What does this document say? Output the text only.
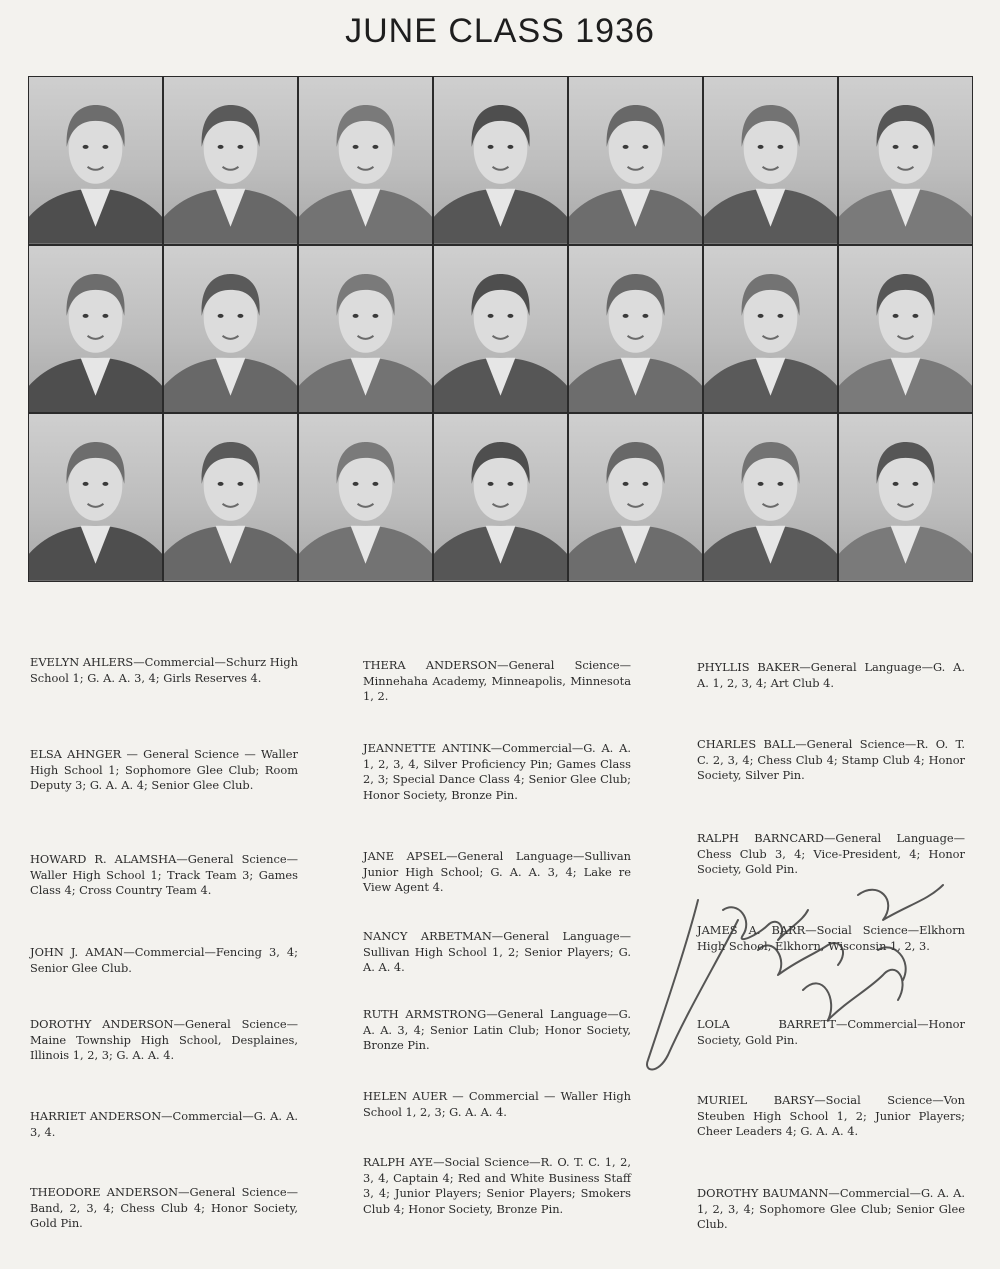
JUNE CLASS 1936

EVELYN AHLERS—Commercial—Schurz High School 1; G. A. A. 3, 4; Girls Reserves 4.

ELSA AHNGER — General Science — Waller High School 1; Sophomore Glee Club; Room Deputy 3; G. A. A. 4; Senior Glee Club.

HOWARD R. ALAMSHA—General Science—Waller High School 1; Track Team 3; Games Class 4; Cross Country Team 4.

JOHN J. AMAN—Commercial—Fencing 3, 4; Senior Glee Club.

DOROTHY ANDERSON—General Science—Maine Township High School, Desplaines, Illinois 1, 2, 3; G. A. A. 4.

HARRIET ANDERSON—Commercial—G. A. A. 3, 4.

THEODORE ANDERSON—General Science—Band, 2, 3, 4; Chess Club 4; Honor Society, Gold Pin.

THERA ANDERSON—General Science—Minnehaha Academy, Minneapolis, Minnesota 1, 2.

JEANNETTE ANTINK—Commercial—G. A. A. 1, 2, 3, 4, Silver Proficiency Pin; Games Class 2, 3; Special Dance Class 4; Senior Glee Club; Honor Society, Bronze Pin.

JANE APSEL—General Language—Sullivan Junior High School; G. A. A. 3, 4; Lake re View Agent 4.

NANCY ARBETMAN—General Language—Sullivan High School 1, 2; Senior Players; G. A. A. 4.

RUTH ARMSTRONG—General Language—G. A. A. 3, 4; Senior Latin Club; Honor Society, Bronze Pin.

HELEN AUER — Commercial — Waller High School 1, 2, 3; G. A. A. 4.

RALPH AYE—Social Science—R. O. T. C. 1, 2, 3, 4, Captain 4; Red and White Business Staff 3, 4; Junior Players; Senior Players; Smokers Club 4; Honor Society, Bronze Pin.

PHYLLIS BAKER—General Language—G. A. A. 1, 2, 3, 4; Art Club 4.

CHARLES BALL—General Science—R. O. T. C. 2, 3, 4; Chess Club 4; Stamp Club 4; Honor Society, Silver Pin.

RALPH BARNCARD—General Language—Chess Club 3, 4; Vice-President, 4; Honor Society, Gold Pin.

JAMES A. BARR—Social Science—Elkhorn High School, Elkhorn, Wisconsin 1, 2, 3.

LOLA BARRETT—Commercial—Honor Society, Gold Pin.

MURIEL BARSY—Social Science—Von Steuben High School 1, 2; Junior Players; Cheer Leaders 4; G. A. A. 4.

DOROTHY BAUMANN—Commercial—G. A. A. 1, 2, 3, 4; Sophomore Glee Club; Senior Glee Club.
